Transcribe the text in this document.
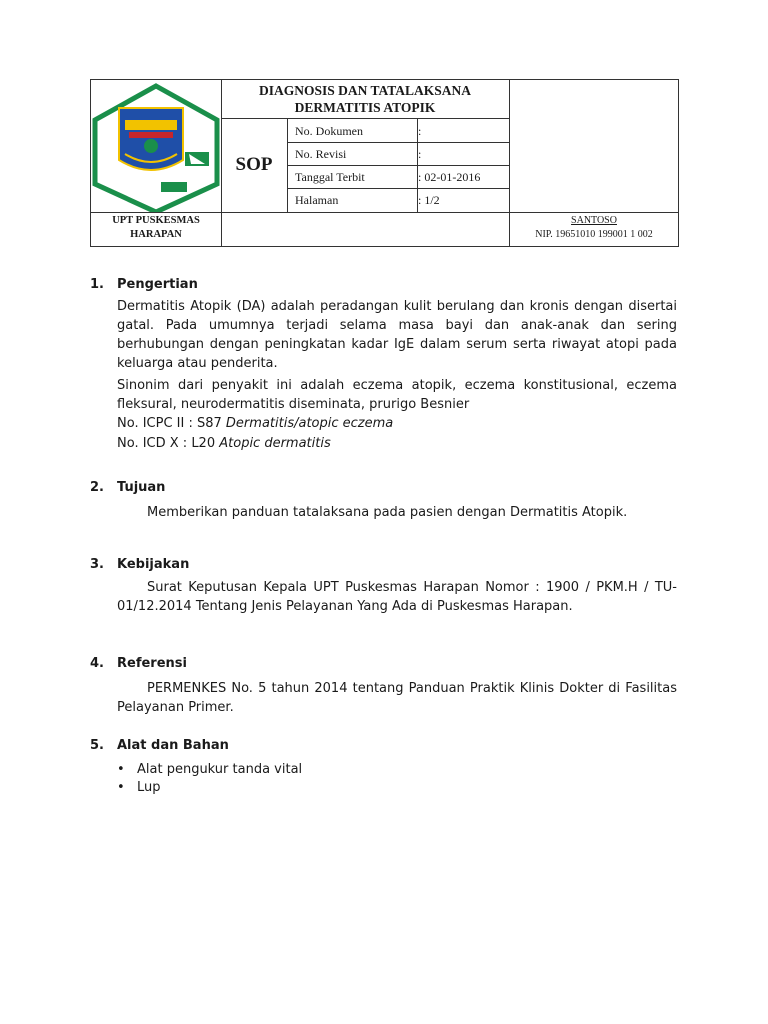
DIAGNOSIS DAN TATALAKSANA
DERMATITIS ATOPIK
SOP
No. Dokumen	:
No. Revisi	:
Tanggal Terbit	: 02-01-2016
Halaman	: 1/2
UPT PUSKESMAS
HARAPAN
SANTOSO
NIP. 19651010 199001 1 002
1. Pengertian
Dermatitis Atopik (DA) adalah peradangan kulit berulang dan kronis dengan disertai gatal. Pada umumnya terjadi selama masa bayi dan anak-anak dan sering berhubungan dengan peningkatan kadar IgE dalam serum serta riwayat atopi pada keluarga atau penderita.
Sinonim dari penyakit ini adalah eczema atopik, eczema konstitusional, eczema fleksural, neurodermatitis diseminata, prurigo Besnier
No. ICPC II : S87 Dermatitis/atopic eczema
No. ICD X : L20 Atopic dermatitis
2. Tujuan
Memberikan panduan tatalaksana pada pasien dengan Dermatitis Atopik.
3. Kebijakan
Surat Keputusan Kepala UPT Puskesmas Harapan Nomor : 1900 / PKM.H / TU-01/12.2014 Tentang Jenis Pelayanan Yang Ada di Puskesmas Harapan.
4. Referensi
PERMENKES No. 5 tahun 2014 tentang Panduan Praktik Klinis Dokter di Fasilitas Pelayanan Primer.
5. Alat dan Bahan
• Alat pengukur tanda vital
• Lup
